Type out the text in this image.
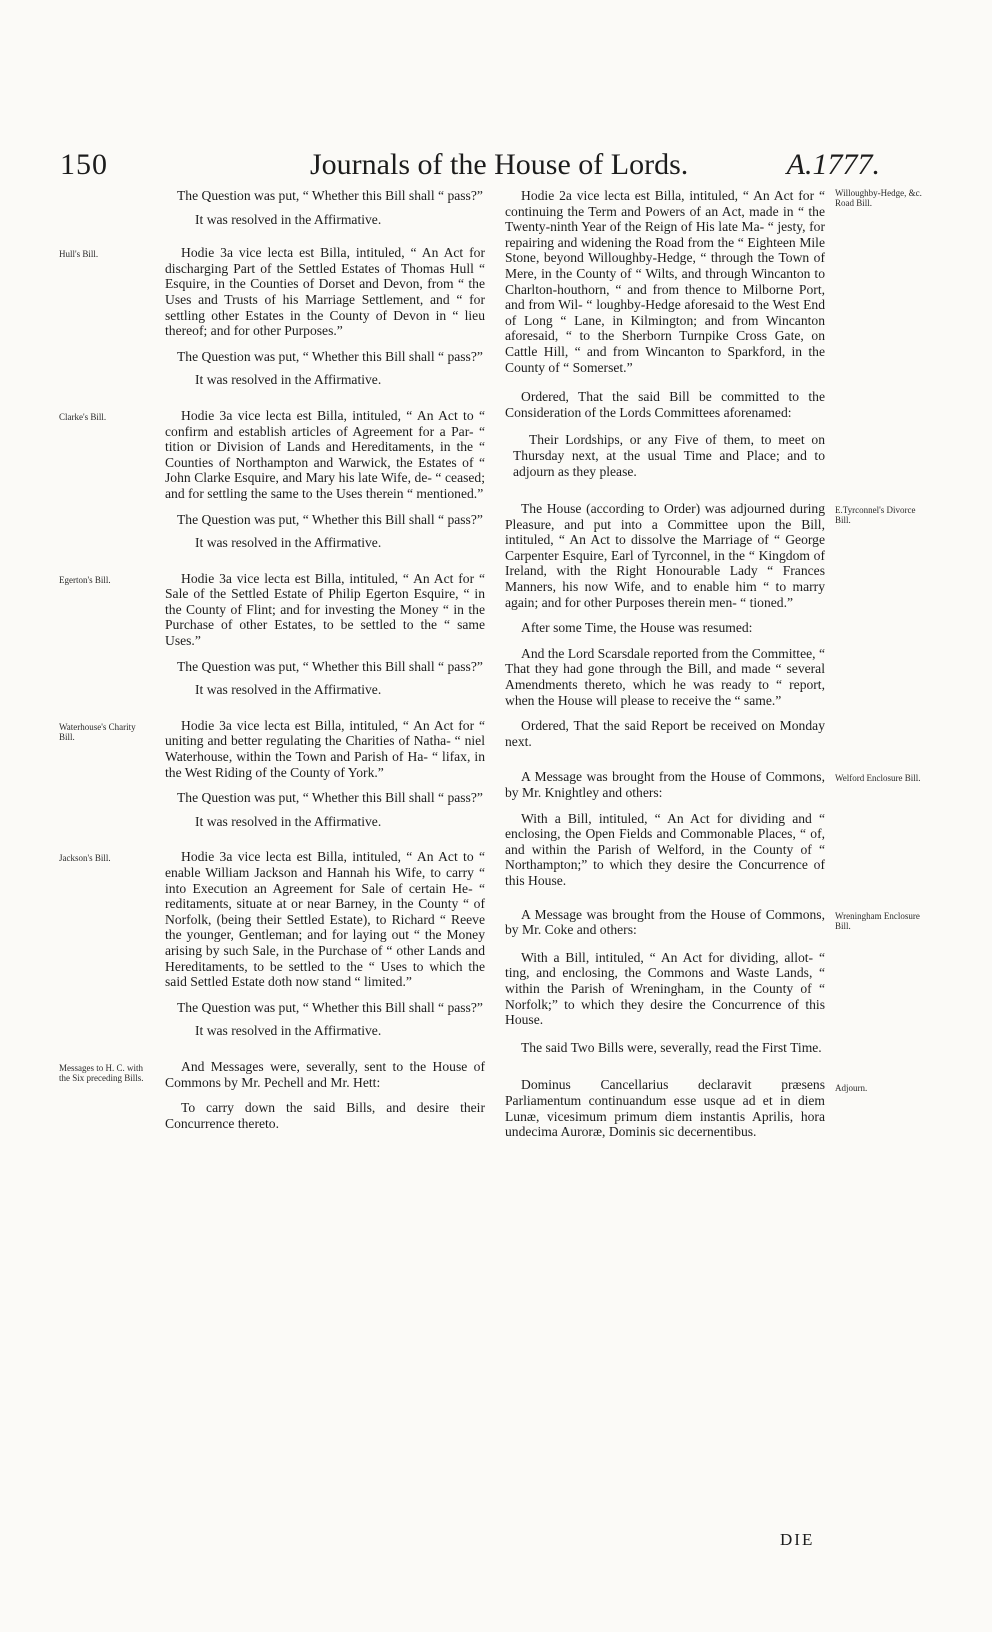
150	Journals of the House of Lords.	A.1777.

The Question was put, “ Whether this Bill shall “ pass?”

It was resolved in the Affirmative.

Hull's Bill.	Hodie 3a vice lecta est Billa, intituled, “ An Act for discharging Part of the Settled Estates of Thomas Hull “ Esquire, in the Counties of Dorset and Devon, from “ the Uses and Trusts of his Marriage Settlement, and “ for settling other Estates in the County of Devon in “ lieu thereof; and for other Purposes.”

The Question was put, “ Whether this Bill shall “ pass?”

It was resolved in the Affirmative.

Clarke's Bill.	Hodie 3a vice lecta est Billa, intituled, “ An Act to “ confirm and establish articles of Agreement for a Par- “ tition or Division of Lands and Hereditaments, in the “ Counties of Northampton and Warwick, the Estates of “ John Clarke Esquire, and Mary his late Wife, de- “ ceased; and for settling the same to the Uses therein “ mentioned.”

The Question was put, “ Whether this Bill shall “ pass?”

It was resolved in the Affirmative.

Egerton's Bill.	Hodie 3a vice lecta est Billa, intituled, “ An Act for “ Sale of the Settled Estate of Philip Egerton Esquire, “ in the County of Flint; and for investing the Money “ in the Purchase of other Estates, to be settled to the “ same Uses.”

The Question was put, “ Whether this Bill shall “ pass?”

It was resolved in the Affirmative.

Waterhouse's Charity Bill.

Hodie 3a vice lecta est Billa, intituled, “ An Act for “ uniting and better regulating the Charities of Natha- “ niel Waterhouse, within the Town and Parish of Ha- “ lifax, in the West Riding of the County of York.”

The Question was put, “ Whether this Bill shall “ pass?”

It was resolved in the Affirmative.

Jackson's Bill.	Hodie 3a vice lecta est Billa, intituled, “ An Act to “ enable William Jackson and Hannah his Wife, to carry “ into Execution an Agreement for Sale of certain He- “ reditaments, situate at or near Barney, in the County “ of Norfolk, (being their Settled Estate), to Richard “ Reeve the younger, Gentleman; and for laying out “ the Money arising by such Sale, in the Purchase of “ other Lands and Hereditaments, to be settled to the “ Uses to which the said Settled Estate doth now stand “ limited.”

The Question was put, “ Whether this Bill shall “ pass?”

It was resolved in the Affirmative.

Messages to H. C. with the Six preceding Bills.

And Messages were, severally, sent to the House of Commons by Mr. Pechell and Mr. Hett:

To carry down the said Bills, and desire their Concurrence thereto.

Willoughby-Hedge, &c. Road Bill.

Hodie 2a vice lecta est Billa, intituled, “ An Act for “ continuing the Term and Powers of an Act, made in “ the Twenty-ninth Year of the Reign of His late Ma- “ jesty, for repairing and widening the Road from the “ Eighteen Mile Stone, beyond Willoughby-Hedge, “ through the Town of Mere, in the County of “ Wilts, and through Wincanton to Charlton-houthorn, “ and from thence to Milborne Port, and from Wil- “ loughby-Hedge aforesaid to the West End of Long “ Lane, in Kilmington; and from Wincanton aforesaid, “ to the Sherborn Turnpike Cross Gate, on Cattle Hill, “ and from Wincanton to Sparkford, in the County of “ Somerset.”

Ordered, That the said Bill be committed to the Consideration of the Lords Committees aforenamed:

Their Lordships, or any Five of them, to meet on Thursday next, at the usual Time and Place; and to adjourn as they please.

E.Tyrconnel's Divorce Bill.

The House (according to Order) was adjourned during Pleasure, and put into a Committee upon the Bill, intituled, “ An Act to dissolve the Marriage of “ George Carpenter Esquire, Earl of Tyrconnel, in the “ Kingdom of Ireland, with the Right Honourable Lady “ Frances Manners, his now Wife, and to enable him “ to marry again; and for other Purposes therein men- “ tioned.”

After some Time, the House was resumed:

And the Lord Scarsdale reported from the Committee, “ That they had gone through the Bill, and made “ several Amendments thereto, which he was ready to “ report, when the House will please to receive the “ same.”

Ordered, That the said Report be received on Monday next.

Welford Enclosure Bill.

A Message was brought from the House of Commons, by Mr. Knightley and others:

With a Bill, intituled, “ An Act for dividing and “ enclosing, the Open Fields and Commonable Places, “ of, and within the Parish of Welford, in the County of “ Northampton;” to which they desire the Concurrence of this House.

Wreningham Enclosure Bill.

A Message was brought from the House of Commons, by Mr. Coke and others:

With a Bill, intituled, “ An Act for dividing, allot- “ ting, and enclosing, the Commons and Waste Lands, “ within the Parish of Wreningham, in the County of “ Norfolk;” to which they desire the Concurrence of this House.

The said Two Bills were, severally, read the First Time.

Adjourn.

Dominus Cancellarius declaravit præsens Parliamentum continuandum esse usque ad et in diem Lunæ, vicesimum primum diem instantis Aprilis, hora undecima Auroræ, Dominis sic decernentibus.

DIE
